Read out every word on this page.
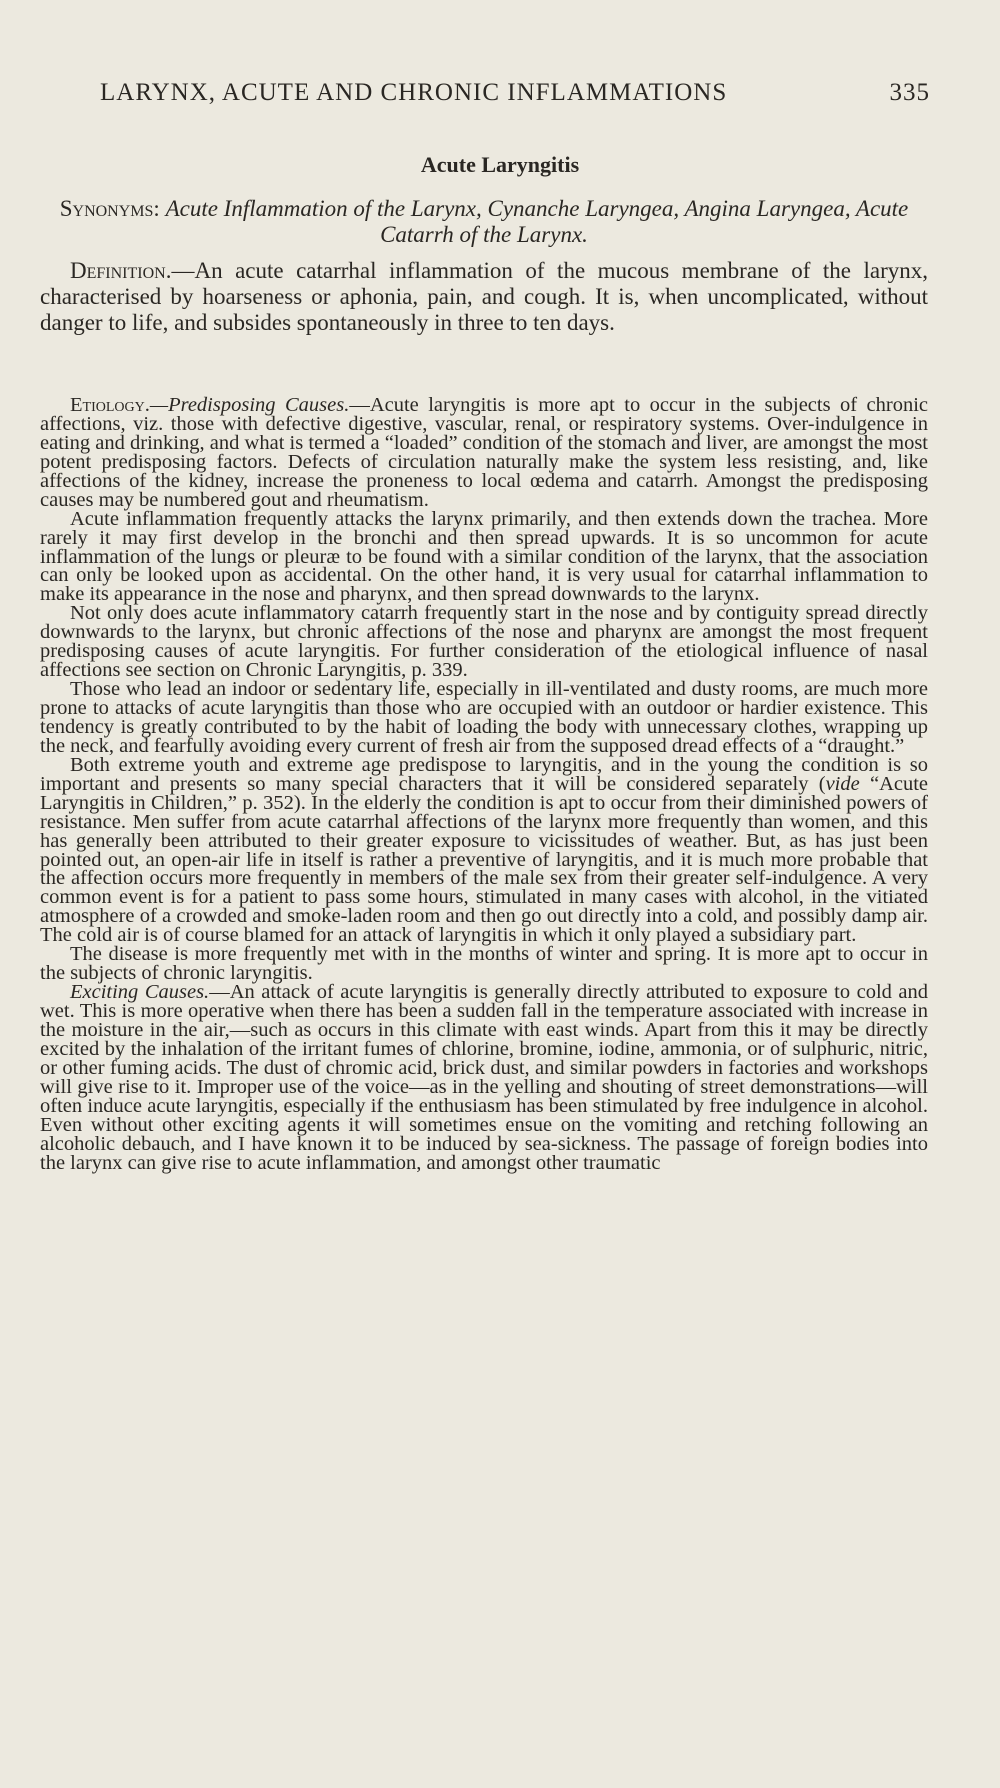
LARYNX, ACUTE AND CHRONIC INFLAMMATIONS	335
Acute Laryngitis
Synonyms: Acute Inflammation of the Larynx, Cynanche Laryngea, Angina Laryngea, Acute Catarrh of the Larynx.
Definition.—An acute catarrhal inflammation of the mucous membrane of the larynx, characterised by hoarseness or aphonia, pain, and cough. It is, when uncomplicated, without danger to life, and subsides spontaneously in three to ten days.

Etiology.—Predisposing Causes.—Acute laryngitis is more apt to occur in the subjects of chronic affections, viz. those with defective digestive, vascular, renal, or respiratory systems. Over-indulgence in eating and drinking, and what is termed a “loaded” condition of the stomach and liver, are amongst the most potent predisposing factors. Defects of circulation naturally make the system less resisting, and, like affections of the kidney, increase the proneness to local œdema and catarrh. Amongst the predisposing causes may be numbered gout and rheumatism.

Acute inflammation frequently attacks the larynx primarily, and then extends down the trachea. More rarely it may first develop in the bronchi and then spread upwards. It is so uncommon for acute inflammation of the lungs or pleuræ to be found with a similar condition of the larynx, that the association can only be looked upon as accidental. On the other hand, it is very usual for catarrhal inflammation to make its appearance in the nose and pharynx, and then spread downwards to the larynx.

Not only does acute inflammatory catarrh frequently start in the nose and by contiguity spread directly downwards to the larynx, but chronic affections of the nose and pharynx are amongst the most frequent predisposing causes of acute laryngitis. For further consideration of the etiological influence of nasal affections see section on Chronic Laryngitis, p. 339.

Those who lead an indoor or sedentary life, especially in ill-ventilated and dusty rooms, are much more prone to attacks of acute laryngitis than those who are occupied with an outdoor or hardier existence. This tendency is greatly contributed to by the habit of loading the body with unnecessary clothes, wrapping up the neck, and fearfully avoiding every current of fresh air from the supposed dread effects of a “draught.”

Both extreme youth and extreme age predispose to laryngitis, and in the young the condition is so important and presents so many special characters that it will be considered separately (vide “Acute Laryngitis in Children,” p. 352). In the elderly the condition is apt to occur from their diminished powers of resistance. Men suffer from acute catarrhal affections of the larynx more frequently than women, and this has generally been attributed to their greater exposure to vicissitudes of weather. But, as has just been pointed out, an open-air life in itself is rather a preventive of laryngitis, and it is much more probable that the affection occurs more frequently in members of the male sex from their greater self-indulgence. A very common event is for a patient to pass some hours, stimulated in many cases with alcohol, in the vitiated atmosphere of a crowded and smoke-laden room and then go out directly into a cold, and possibly damp air. The cold air is of course blamed for an attack of laryngitis in which it only played a subsidiary part.

The disease is more frequently met with in the months of winter and spring. It is more apt to occur in the subjects of chronic laryngitis.

Exciting Causes.—An attack of acute laryngitis is generally directly attributed to exposure to cold and wet. This is more operative when there has been a sudden fall in the temperature associated with increase in the moisture in the air,—such as occurs in this climate with east winds. Apart from this it may be directly excited by the inhalation of the irritant fumes of chlorine, bromine, iodine, ammonia, or of sulphuric, nitric, or other fuming acids. The dust of chromic acid, brick dust, and similar powders in factories and workshops will give rise to it. Improper use of the voice—as in the yelling and shouting of street demonstrations—will often induce acute laryngitis, especially if the enthusiasm has been stimulated by free indulgence in alcohol. Even without other exciting agents it will sometimes ensue on the vomiting and retching following an alcoholic debauch, and I have known it to be induced by sea-sickness. The passage of foreign bodies into the larynx can give rise to acute inflammation, and amongst other traumatic
